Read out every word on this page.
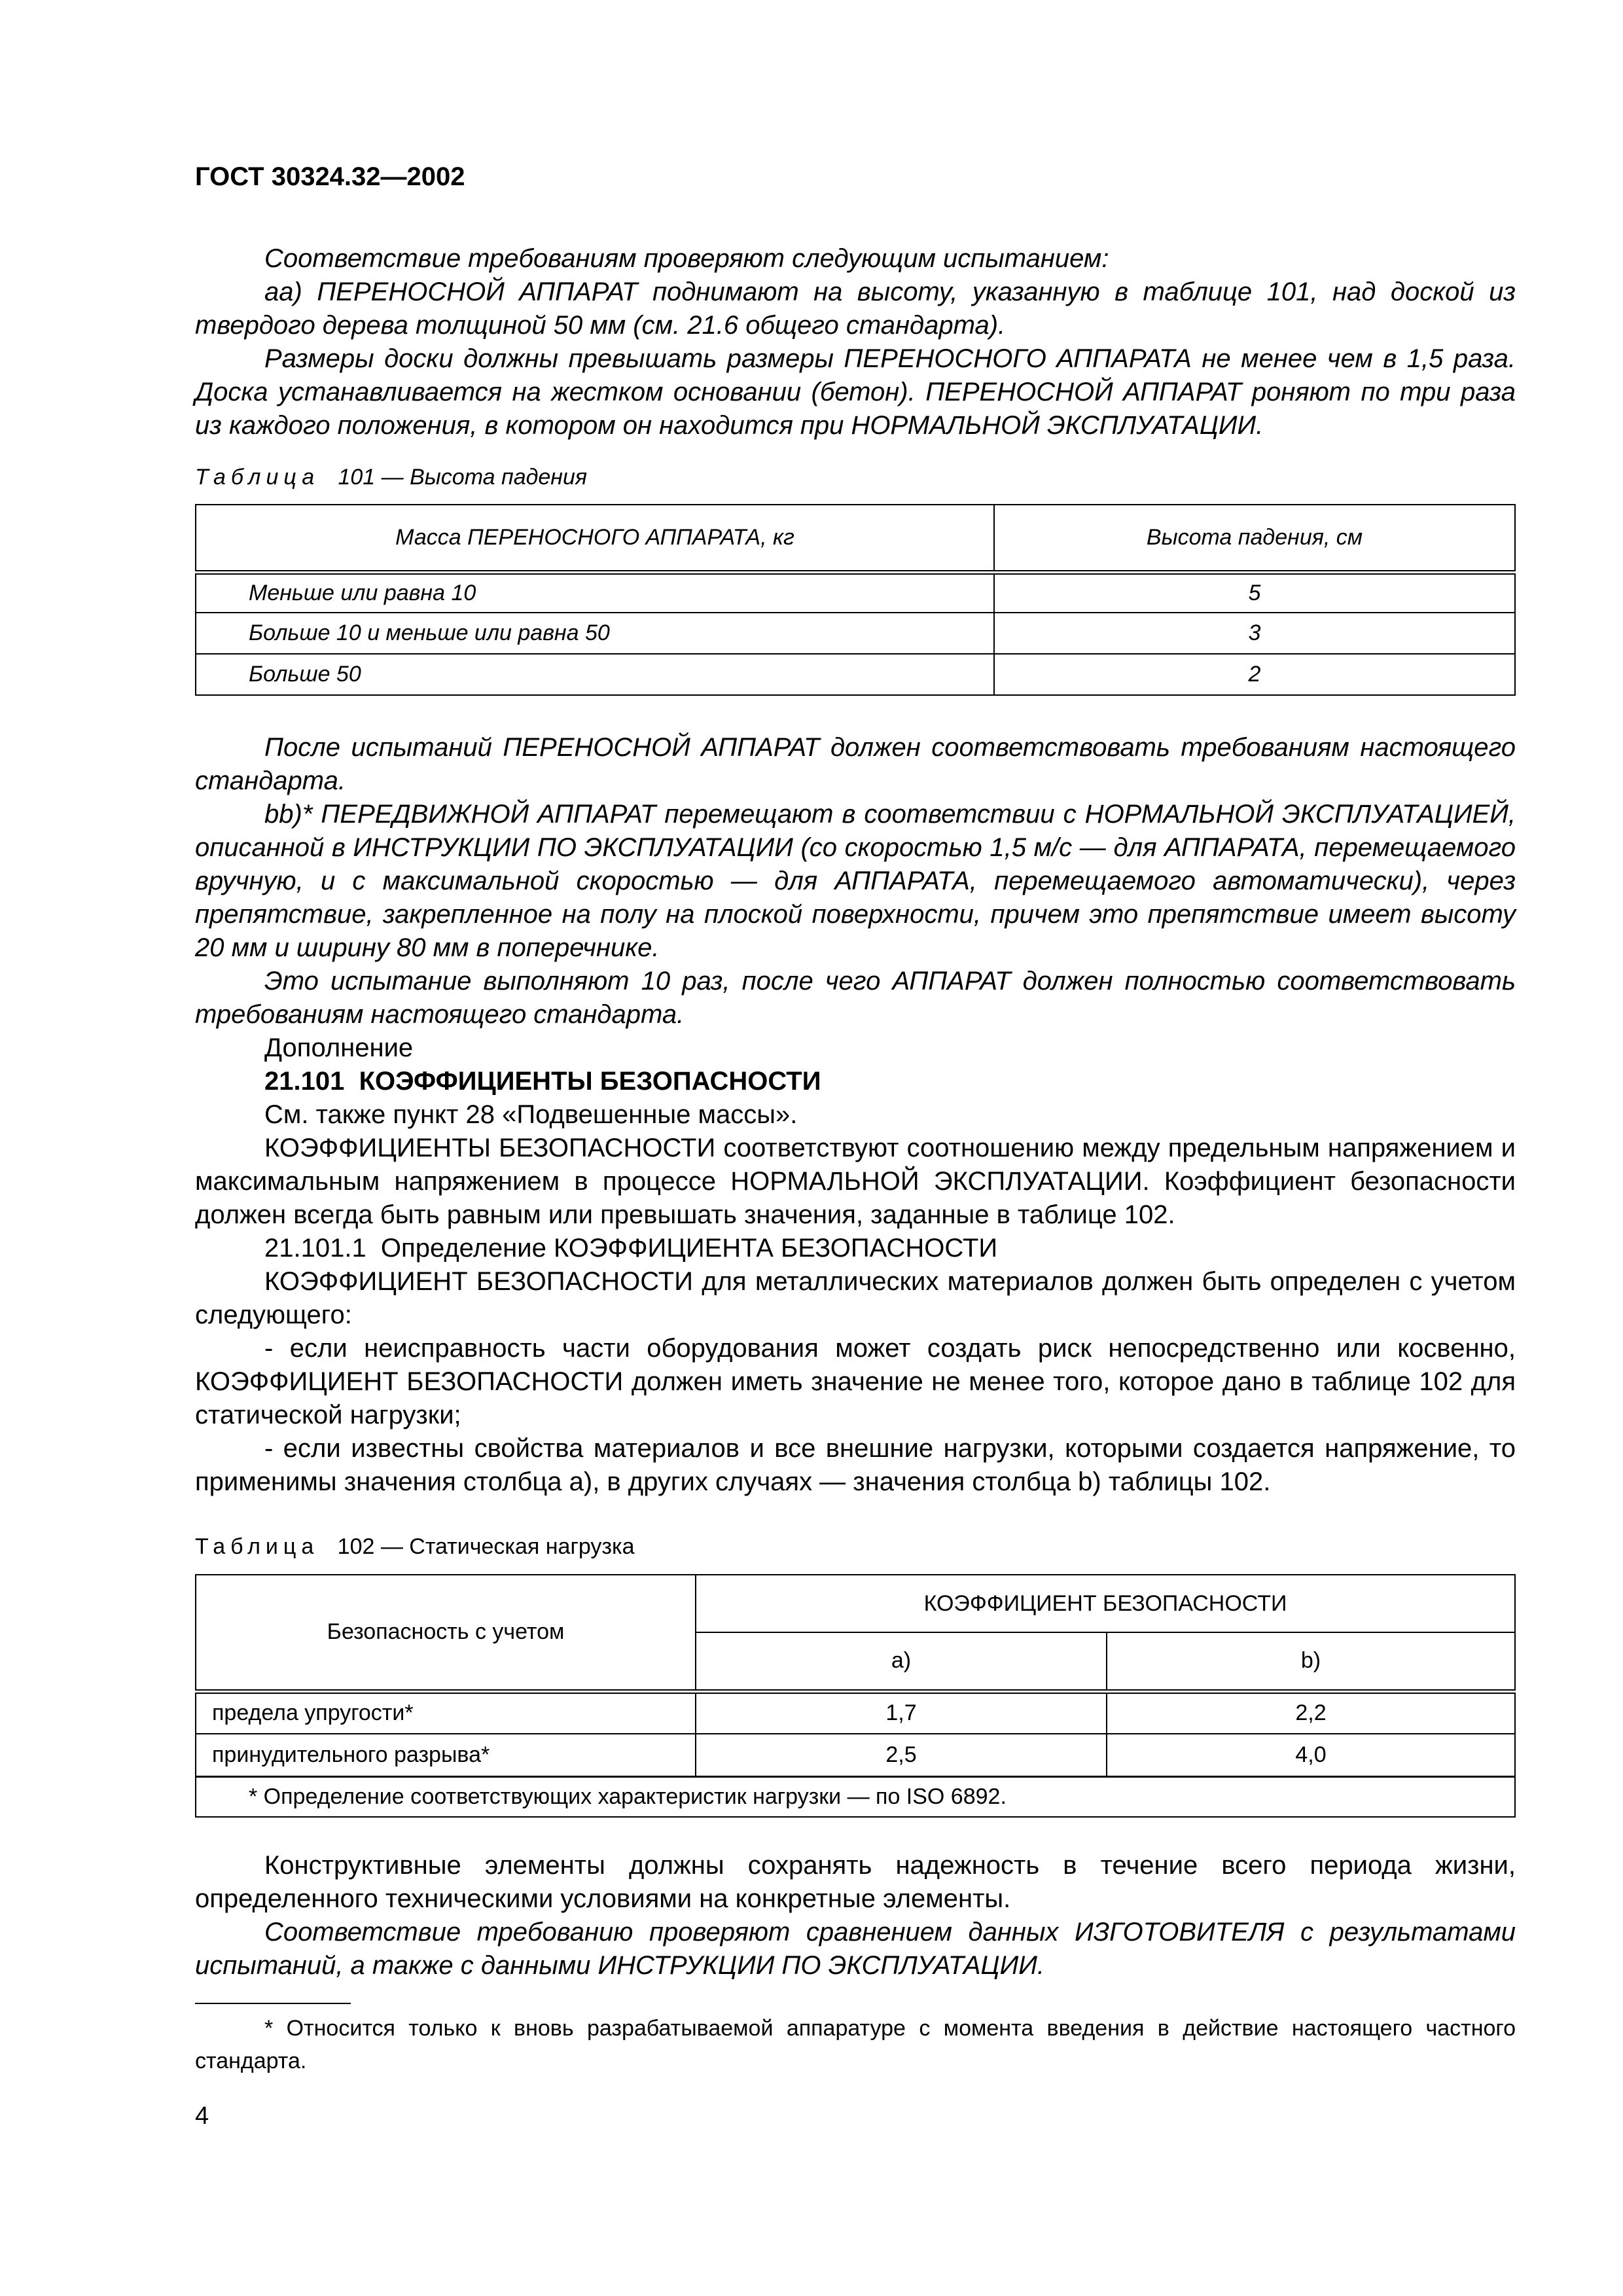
ГОСТ 30324.32—2002

Соответствие требованиям проверяют следующим испытанием:

aa) ПЕРЕНОСНОЙ АППАРАТ поднимают на высоту, указанную в таблице 101, над доской из твердого дерева толщиной 50 мм (см. 21.6 общего стандарта).

Размеры доски должны превышать размеры ПЕРЕНОСНОГО АППАРАТА не менее чем в 1,5 раза. Доска устанавливается на жестком основании (бетон). ПЕРЕНОСНОЙ АППАРАТ роняют по три раза из каждого положения, в котором он находится при НОРМАЛЬНОЙ ЭКСПЛУАТАЦИИ.

Таблица 101 — Высота падения
Масса ПЕРЕНОСНОГО АППАРАТА, кг	Высота падения, см
Меньше или равна 10	5
Больше 10 и меньше или равна 50	3
Больше 50	2

После испытаний ПЕРЕНОСНОЙ АППАРАТ должен соответствовать требованиям настоящего стандарта.

bb)* ПЕРЕДВИЖНОЙ АППАРАТ перемещают в соответствии с НОРМАЛЬНОЙ ЭКСПЛУАТАЦИЕЙ, описанной в ИНСТРУКЦИИ ПО ЭКСПЛУАТАЦИИ (со скоростью 1,5 м/с — для АППАРАТА, перемещаемого вручную, и с максимальной скоростью — для АППАРАТА, перемещаемого автоматически), через препятствие, закрепленное на полу на плоской поверхности, причем это препятствие имеет высоту 20 мм и ширину 80 мм в поперечнике.

Это испытание выполняют 10 раз, после чего АППАРАТ должен полностью соответствовать требованиям настоящего стандарта.

Дополнение

21.101  КОЭФФИЦИЕНТЫ БЕЗОПАСНОСТИ

См. также пункт 28 «Подвешенные массы».

КОЭФФИЦИЕНТЫ БЕЗОПАСНОСТИ соответствуют соотношению между предельным напряжением и максимальным напряжением в процессе НОРМАЛЬНОЙ ЭКСПЛУАТАЦИИ. Коэффициент безопасности должен всегда быть равным или превышать значения, заданные в таблице 102.

21.101.1  Определение КОЭФФИЦИЕНТА БЕЗОПАСНОСТИ

КОЭФФИЦИЕНТ БЕЗОПАСНОСТИ для металлических материалов должен быть определен с учетом следующего:

- если неисправность части оборудования может создать риск непосредственно или косвенно, КОЭФФИЦИЕНТ БЕЗОПАСНОСТИ должен иметь значение не менее того, которое дано в таблице 102 для статической нагрузки;

- если известны свойства материалов и все внешние нагрузки, которыми создается напряжение, то применимы значения столбца а), в других случаях — значения столбца b) таблицы 102.

Таблица 102 — Статическая нагрузка
Безопасность с учетом	КОЭФФИЦИЕНТ БЕЗОПАСНОСТИ	
	а)	b)
предела упругости*	1,7	2,2
принудительного разрыва*	2,5	4,0
* Определение соответствующих характеристик нагрузки — по ISO 6892.		

Конструктивные элементы должны сохранять надежность в течение всего периода жизни, определенного техническими условиями на конкретные элементы.

Соответствие требованию проверяют сравнением данных ИЗГОТОВИТЕЛЯ с результатами испытаний, а также с данными ИНСТРУКЦИИ ПО ЭКСПЛУАТАЦИИ.

* Относится только к вновь разрабатываемой аппаратуре с момента введения в действие настоящего частного стандарта.

4
